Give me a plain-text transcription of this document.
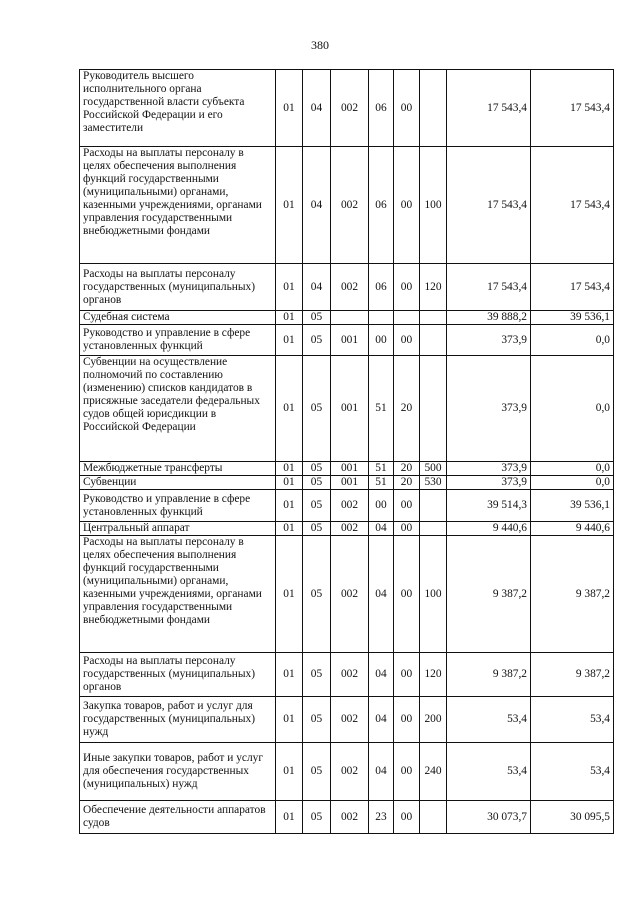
380
Руководитель высшего исполнительного органа государственной власти субъекта Российской Федерации и его заместители	01	04	002	06	00		17 543,4	17 543,4
Расходы на выплаты персоналу в целях обеспечения выполнения функций государственными (муниципальными) органами, казенными учреждениями, органами управления государственными внебюджетными фондами	01	04	002	06	00	100	17 543,4	17 543,4
Расходы на выплаты персоналу государственных (муниципальных) органов	01	04	002	06	00	120	17 543,4	17 543,4
Судебная система	01	05					39 888,2	39 536,1
Руководство и управление в сфере установленных функций	01	05	001	00	00		373,9	0,0
Субвенции на осуществление полномочий по составлению (изменению) списков кандидатов в присяжные заседатели федеральных судов общей юрисдикции в Российской Федерации	01	05	001	51	20		373,9	0,0
Межбюджетные трансферты	01	05	001	51	20	500	373,9	0,0
Субвенции	01	05	001	51	20	530	373,9	0,0
Руководство и управление в сфере установленных функций	01	05	002	00	00		39 514,3	39 536,1
Центральный аппарат	01	05	002	04	00		9 440,6	9 440,6
Расходы на выплаты персоналу в целях обеспечения выполнения функций государственными (муниципальными) органами, казенными учреждениями, органами управления государственными внебюджетными фондами	01	05	002	04	00	100	9 387,2	9 387,2
Расходы на выплаты персоналу государственных (муниципальных) органов	01	05	002	04	00	120	9 387,2	9 387,2
Закупка товаров, работ и услуг для государственных (муниципальных) нужд	01	05	002	04	00	200	53,4	53,4
Иные закупки товаров, работ и услуг для обеспечения государственных (муниципальных) нужд	01	05	002	04	00	240	53,4	53,4
Обеспечение деятельности аппаратов судов	01	05	002	23	00		30 073,7	30 095,5
